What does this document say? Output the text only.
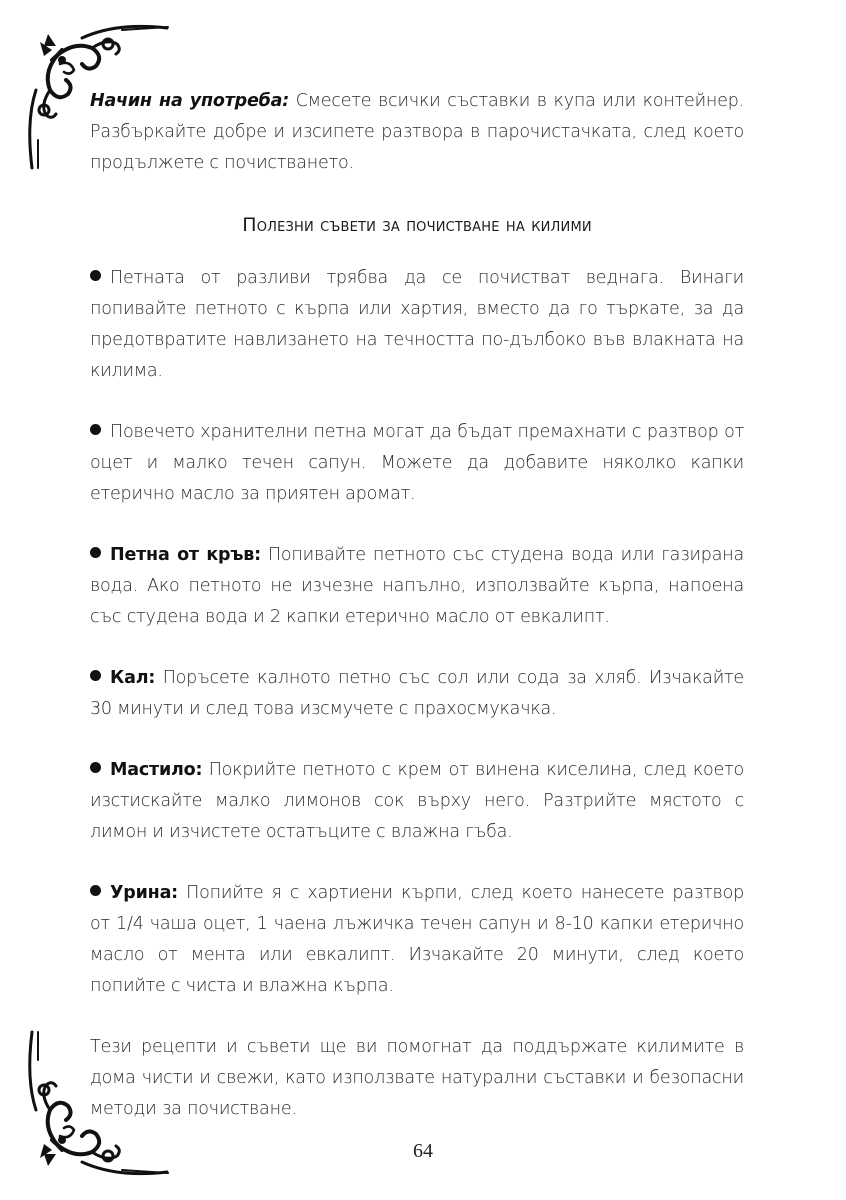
Начин на употреба: Смесете всички съставки в купа или контейнер. Разбъркайте добре и изсипете разтвора в парочистачката, след което продължете с почистването.

Полезни съвети за почистване на килими

Петната от разливи трябва да се почистват веднага. Винаги попивайте петното с кърпа или хартия, вместо да го търкате, за да предотвратите навлизането на течността по-дълбоко във влакната на килима.

Повечето хранителни петна могат да бъдат премахнати с разтвор от оцет и малко течен сапун. Можете да добавите няколко капки етерично масло за приятен аромат.

Петна от кръв: Попивайте петното със студена вода или газирана вода. Ако петното не изчезне напълно, използвайте кърпа, напоена със студена вода и 2 капки етерично масло от евкалипт.

Кал: Поръсете калното петно със сол или сода за хляб. Изчакайте 30 минути и след това изсмучете с прахосмукачка.

Мастило: Покрийте петното с крем от винена киселина, след което изстискайте малко лимонов сок върху него. Разтрийте мястото с лимон и изчистете остатъците с влажна гъба.

Урина: Попийте я с хартиени кърпи, след което нанесете разтвор от 1/4 чаша оцет, 1 чаена лъжичка течен сапун и 8-10 капки етерично масло от мента или евкалипт. Изчакайте 20 минути, след което попийте с чиста и влажна кърпа.

Тези рецепти и съвети ще ви помогнат да поддържате килимите в дома чисти и свежи, като използвате натурални съставки и безопасни методи за почистване.

64
